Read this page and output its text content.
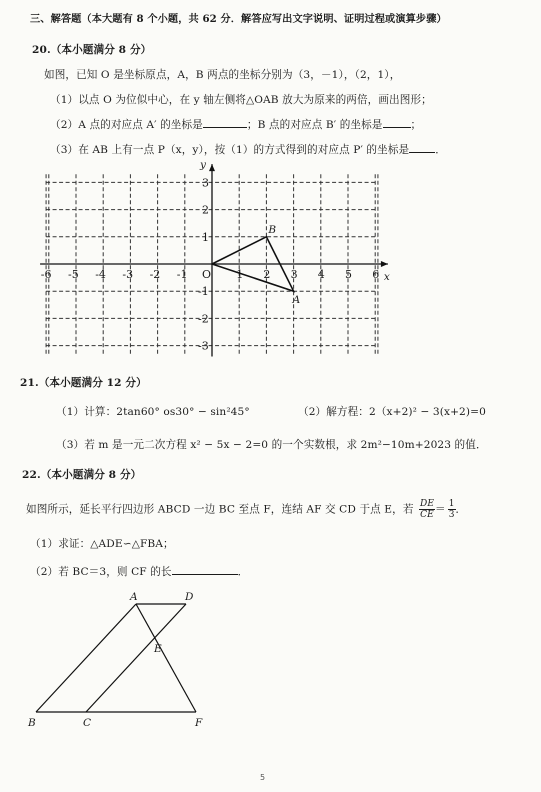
三、解答题（本大题有 8 个小题，共 62 分．解答应写出文字说明、证明过程或演算步骤）
20.（本小题满分 8 分）
如图，已知 O 是坐标原点，A，B 两点的坐标分别为（3，－1），（2，1），
（1）以点 O 为位似中心，在 y 轴左侧将△OAB 放大为原来的两倍，画出图形；
（2）A 点的对应点 A′ 的坐标是	；B 点的对应点 B′ 的坐标是	；
（3）在 AB 上有一点 P（x，y），按（1）的方式得到的对应点 P′ 的坐标是 ．
x
y
-6 -5 -4 -3 -2 -1 O 1 2 3 4 5 6
3
2
1
-1
-2
-3
B
A
21.（本小题满分 12 分）
（1）计算：2tan60° os30° − sin²45°	（2）解方程：2（x+2)² − 3(x+2)=0
（3）若 m 是一元二次方程 x² − 5x − 2=0 的一个实数根，求 2m²−10m+2023 的值．
22.（本小题满分 8 分）
如图所示，延长平行四边形 ABCD 一边 BC 至点 F，连结 AF 交 CD 于点 E，若 $\frac{DE}{CE} = \frac{1}{3}$ ．
（1）求证：△ADE∽△FBA；
（2）若 BC＝3，则 CF 的长	．
A	D
E
B	C	F
5
